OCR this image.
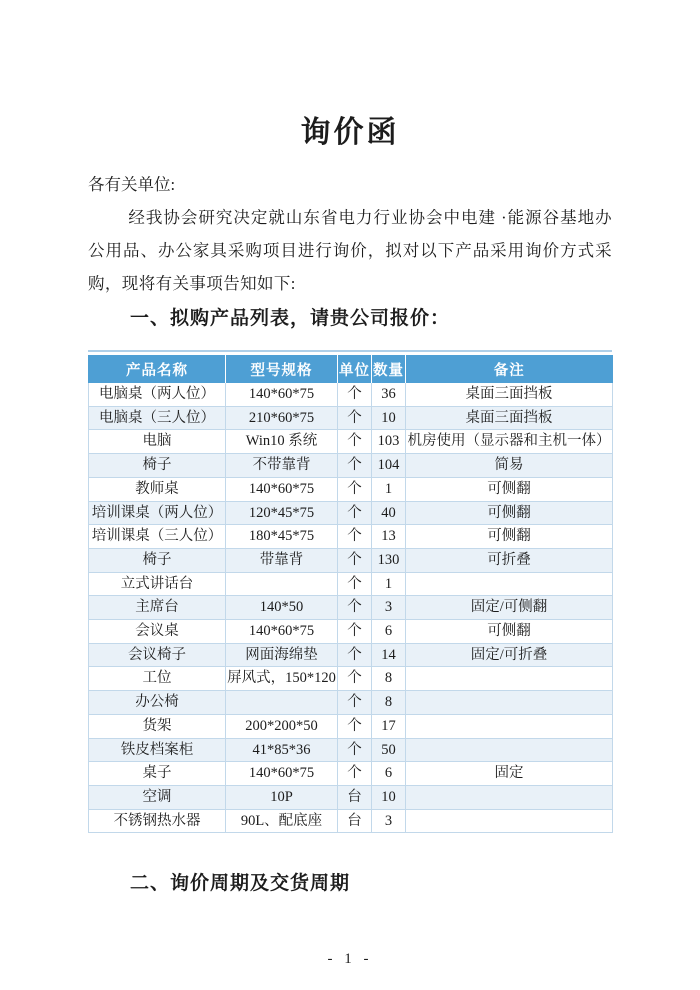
询价函
各有关单位:

经我协会研究决定就山东省电力行业协会中电建 ·能源谷基地办公用品、办公家具采购项目进行询价，拟对以下产品采用询价方式采购，现将有关事项告知如下:

一、拟购产品列表，请贵公司报价：
产品名称	型号规格	单位	数量	备注
电脑桌（两人位）	140*60*75	个	36	桌面三面挡板
电脑桌（三人位）	210*60*75	个	10	桌面三面挡板
电脑	Win10 系统	个	103	机房使用（显示器和主机一体）
椅子	不带靠背	个	104	简易
教师桌	140*60*75	个	1	可侧翻
培训课桌（两人位）	120*45*75	个	40	可侧翻
培训课桌（三人位）	180*45*75	个	13	可侧翻
椅子	带靠背	个	130	可折叠
立式讲话台		个	1	
主席台	140*50	个	3	固定/可侧翻
会议桌	140*60*75	个	6	可侧翻
会议椅子	网面海绵垫	个	14	固定/可折叠
工位	屏风式，150*120	个	8	
办公椅		个	8	
货架	200*200*50	个	17	
铁皮档案柜	41*85*36	个	50	
桌子	140*60*75	个	6	固定
空调	10P	台	10	
不锈钢热水器	90L、配底座	台	3	
二、询价周期及交货周期
- 1 -
